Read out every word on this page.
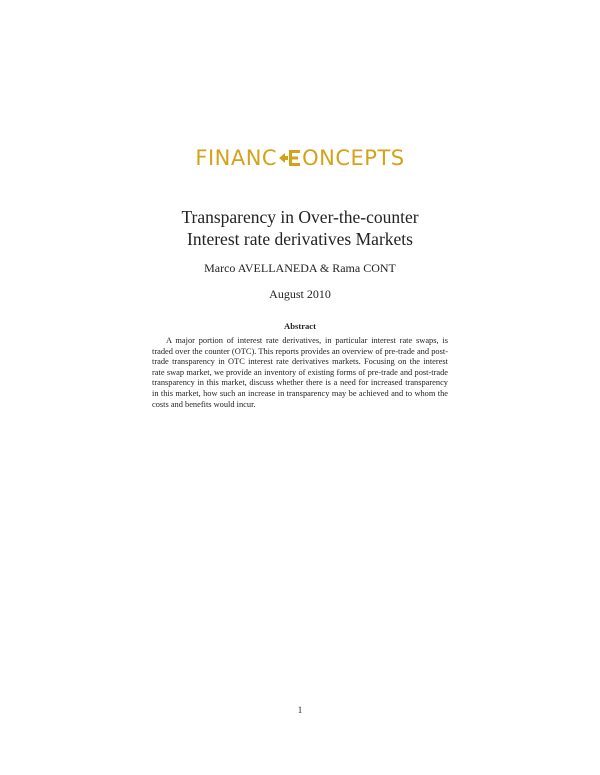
FINANC ONCEPTS
Transparency in Over-the-counter
Interest rate derivatives Markets
Marco AVELLANEDA & Rama CONT
August 2010
Abstract
A major portion of interest rate derivatives, in particular interest rate swaps, is traded over the counter (OTC). This reports provides an overview of pre-trade and post-trade transparency in OTC interest rate derivatives markets. Focusing on the interest rate swap market, we provide an inventory of existing forms of pre-trade and post-trade transparency in this market, discuss whether there is a need for increased transparency in this market, how such an increase in transparency may be achieved and to whom the costs and benefits would incur.
1
